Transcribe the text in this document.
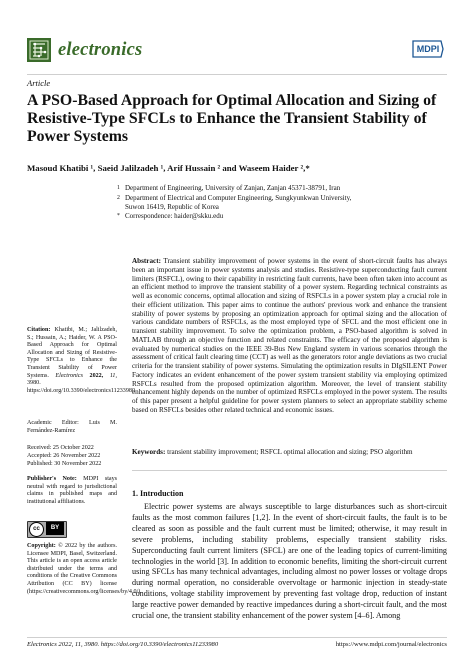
electronics	MDPI
Article
A PSO-Based Approach for Optimal Allocation and Sizing of Resistive-Type SFCLs to Enhance the Transient Stability of Power Systems
Masoud Khatibi ¹, Saeid Jalilzadeh ¹, Arif Hussain ² and Waseem Haider ²,*
1 Department of Engineering, University of Zanjan, Zanjan 45371-38791, Iran
2 Department of Electrical and Computer Engineering, Sungkyunkwan University, Suwon 16419, Republic of Korea
* Correspondence: haider@skku.edu
Citation: Khatibi, M.; Jalilzadeh, S.; Hussain, A.; Haider, W. A PSO-Based Approach for Optimal Allocation and Sizing of Resistive-Type SFCLs to Enhance the Transient Stability of Power Systems. Electronics 2022, 11, 3980. https://doi.org/10.3390/electronics11233980
Academic Editor: Luis M. Fernández-Ramírez
Received: 25 October 2022
Accepted: 26 November 2022
Published: 30 November 2022
Publisher's Note: MDPI stays neutral with regard to jurisdictional claims in published maps and institutional affiliations.
cc	BY
Copyright: © 2022 by the authors. Licensee MDPI, Basel, Switzerland. This article is an open access article distributed under the terms and conditions of the Creative Commons Attribution (CC BY) license (https://creativecommons.org/licenses/by/4.0/).
Abstract: Transient stability improvement of power systems in the event of short-circuit faults has always been an important issue in power systems analysis and studies. Resistive-type superconducting fault current limiters (RSFCL), owing to their capability in restricting fault currents, have been often taken into account as an efficient method to improve the transient stability of a power system. Regarding technical constraints as well as economic concerns, optimal allocation and sizing of RSFCLs in a power system play a crucial role in their efficient utilization. This paper aims to continue the authors' previous work and enhance the transient stability of power systems by proposing an optimization approach for optimal sizing and the allocation of various candidate numbers of RSFCLs, as the most employed type of SFCL and the most efficient one in transient stability improvement. To solve the optimization problem, a PSO-based algorithm is solved in MATLAB through an objective function and related constraints. The efficacy of the proposed algorithm is evaluated by numerical studies on the IEEE 39-Bus New England system in various scenarios through the assessment of critical fault clearing time (CCT) as well as the generators rotor angle deviations as two crucial criteria for the transient stability of power systems. Simulating the optimization results in DIgSILENT Power Factory indicates an evident enhancement of the power system transient stability via employing optimized RSFCLs resulted from the proposed optimization algorithm. Moreover, the level of transient stability enhancement highly depends on the number of optimized RSFCLs employed in the power system. The results of this paper present a helpful guideline for power system planners to select an appropriate stability scheme based on RSFCLs besides other related technical and economic issues.
Keywords: transient stability improvement; RSFCL optimal allocation and sizing; PSO algorithm
1. Introduction
Electric power systems are always susceptible to large disturbances such as short-circuit faults as the most common failures [1,2]. In the event of short-circuit faults, the fault is to be cleared as soon as possible and the fault current must be limited; otherwise, it may result in severe problems, including stability problems, especially transient stability risks. Superconducting fault current limiters (SFCL) are one of the leading topics of current-limiting technologies in the world [3]. In addition to economic benefits, limiting the short-circuit current using SFCLs has many technical advantages, including almost no power losses or voltage drops during normal operation, no considerable overvoltage or harmonic injection in steady-state conditions, voltage stability improvement by preventing fast voltage drop, reduction of instant large reactive power demanded by reactive impedances during a short-circuit fault, and the most crucial one, the transient stability enhancement of the power system [4–6]. Among
Electronics 2022, 11, 3980. https://doi.org/10.3390/electronics11233980	https://www.mdpi.com/journal/electronics
